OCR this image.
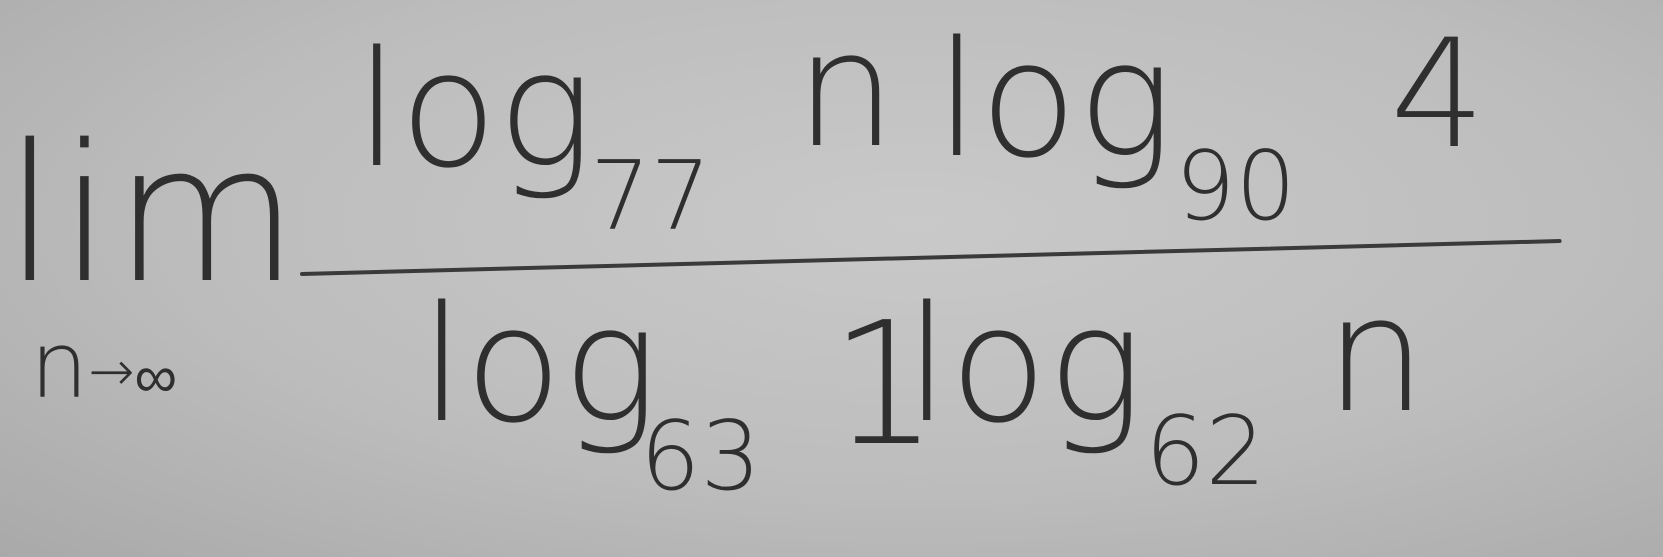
lim
n→∞
log
77
n log 90
4
log
63 1
log 62
n
